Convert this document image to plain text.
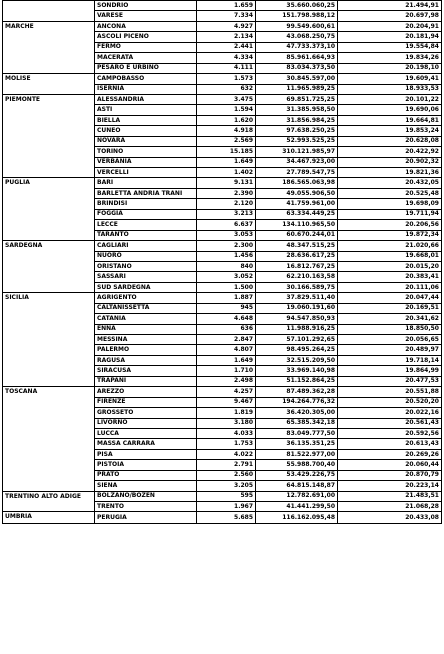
	SONDRIO	1.659	35.660.060,25	21.494,91
	VARESE	7.334	151.798.988,12	20.697,98
MARCHE	ANCONA	4.927	99.549.600,61	20.204,91
	ASCOLI PICENO	2.134	43.068.250,75	20.181,94
	FERMO	2.441	47.733.373,10	19.554,84
	MACERATA	4.334	85.961.664,93	19.834,26
	PESARO E URBINO	4.111	83.034.373,50	20.198,10
MOLISE	CAMPOBASSO	1.573	30.845.597,00	19.609,41
	ISERNIA	632	11.965.989,25	18.933,53
PIEMONTE	ALESSANDRIA	3.475	69.851.725,25	20.101,22
	ASTI	1.594	31.385.958,50	19.690,06
	BIELLA	1.620	31.856.984,25	19.664,81
	CUNEO	4.918	97.638.250,25	19.853,24
	NOVARA	2.569	52.993.525,25	20.628,08
	TORINO	15.185	310.121.985,97	20.422,92
	VERBANIA	1.649	34.467.923,00	20.902,32
	VERCELLI	1.402	27.789.547,75	19.821,36
PUGLIA	BARI	9.131	186.565.063,98	20.432,05
	BARLETTA ANDRIA TRANI	2.390	49.055.906,50	20.525,48
	BRINDISI	2.120	41.759.961,00	19.698,09
	FOGGIA	3.213	63.334.449,25	19.711,94
	LECCE	6.637	134.110.965,50	20.206,56
	TARANTO	3.053	60.670.244,01	19.872,34
SARDEGNA	CAGLIARI	2.300	48.347.515,25	21.020,66
	NUORO	1.456	28.636.617,25	19.668,01
	ORISTANO	840	16.812.767,25	20.015,20
	SASSARI	3.052	62.210.163,58	20.383,41
	SUD SARDEGNA	1.500	30.166.589,75	20.111,06
SICILIA	AGRIGENTO	1.887	37.829.511,40	20.047,44
	CALTANISSETTA	945	19.060.191,60	20.169,51
	CATANIA	4.648	94.547.850,93	20.341,62
	ENNA	636	11.988.916,25	18.850,50
	MESSINA	2.847	57.101.292,65	20.056,65
	PALERMO	4.807	98.495.264,25	20.489,97
	RAGUSA	1.649	32.515.209,50	19.718,14
	SIRACUSA	1.710	33.969.140,98	19.864,99
	TRAPANI	2.498	51.152.864,25	20.477,53
TOSCANA	AREZZO	4.257	87.489.362,28	20.551,88
	FIRENZE	9.467	194.264.776,32	20.520,20
	GROSSETO	1.819	36.420.305,00	20.022,16
	LIVORNO	3.180	65.385.342,18	20.561,43
	LUCCA	4.033	83.049.777,50	20.592,56
	MASSA CARRARA	1.753	36.135.351,25	20.613,43
	PISA	4.022	81.522.977,00	20.269,26
	PISTOIA	2.791	55.988.700,40	20.060,44
	PRATO	2.560	53.429.226,75	20.870,79
	SIENA	3.205	64.815.148,87	20.223,14
TRENTINO ALTO ADIGE	BOLZANO/BOZEN	595	12.782.691,00	21.483,51
	TRENTO	1.967	41.441.299,50	21.068,28
UMBRIA	PERUGIA	5.685	116.162.095,48	20.433,08
